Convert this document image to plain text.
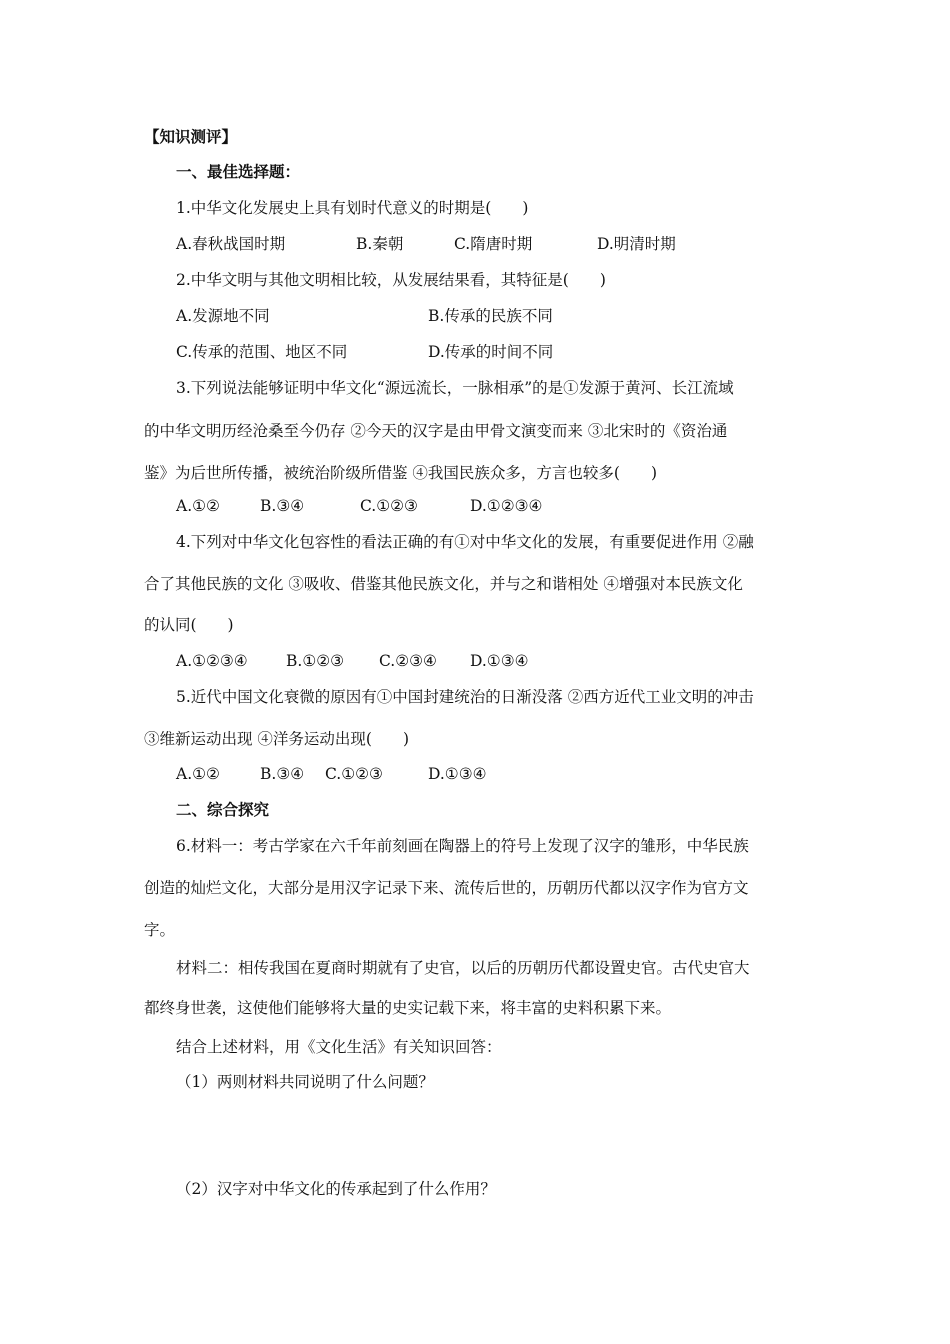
【知识测评】
一、最佳选择题：
1.中华文化发展史上具有划时代意义的时期是(　　)
A.春秋战国时期	B.秦朝	C.隋唐时期	D.明清时期
2.中华文明与其他文明相比较，从发展结果看，其特征是(　　)
A.发源地不同	B.传承的民族不同
C.传承的范围、地区不同	D.传承的时间不同
3.下列说法能够证明中华文化“源远流长，一脉相承”的是①发源于黄河、长江流域
的中华文明历经沧桑至今仍存 ②今天的汉字是由甲骨文演变而来 ③北宋时的《资治通
鉴》为后世所传播，被统治阶级所借鉴 ④我国民族众多，方言也较多(　　)
A.①②	B.③④	C.①②③	D.①②③④
4.下列对中华文化包容性的看法正确的有①对中华文化的发展，有重要促进作用 ②融
合了其他民族的文化 ③吸收、借鉴其他民族文化，并与之和谐相处 ④增强对本民族文化
的认同(　　)
A.①②③④ B.①②③ C.②③④ D.①③④
5.近代中国文化衰微的原因有①中国封建统治的日渐没落 ②西方近代工业文明的冲击
③维新运动出现 ④洋务运动出现(　　)
A.①②	B.③④ C.①②③	D.①③④
二、综合探究
6.材料一：考古学家在六千年前刻画在陶器上的符号上发现了汉字的雏形，中华民族
创造的灿烂文化，大部分是用汉字记录下来、流传后世的，历朝历代都以汉字作为官方文
字。
材料二：相传我国在夏商时期就有了史官，以后的历朝历代都设置史官。古代史官大
都终身世袭，这使他们能够将大量的史实记载下来，将丰富的史料积累下来。
结合上述材料，用《文化生活》有关知识回答：
（1）两则材料共同说明了什么问题？
（2）汉字对中华文化的传承起到了什么作用？
